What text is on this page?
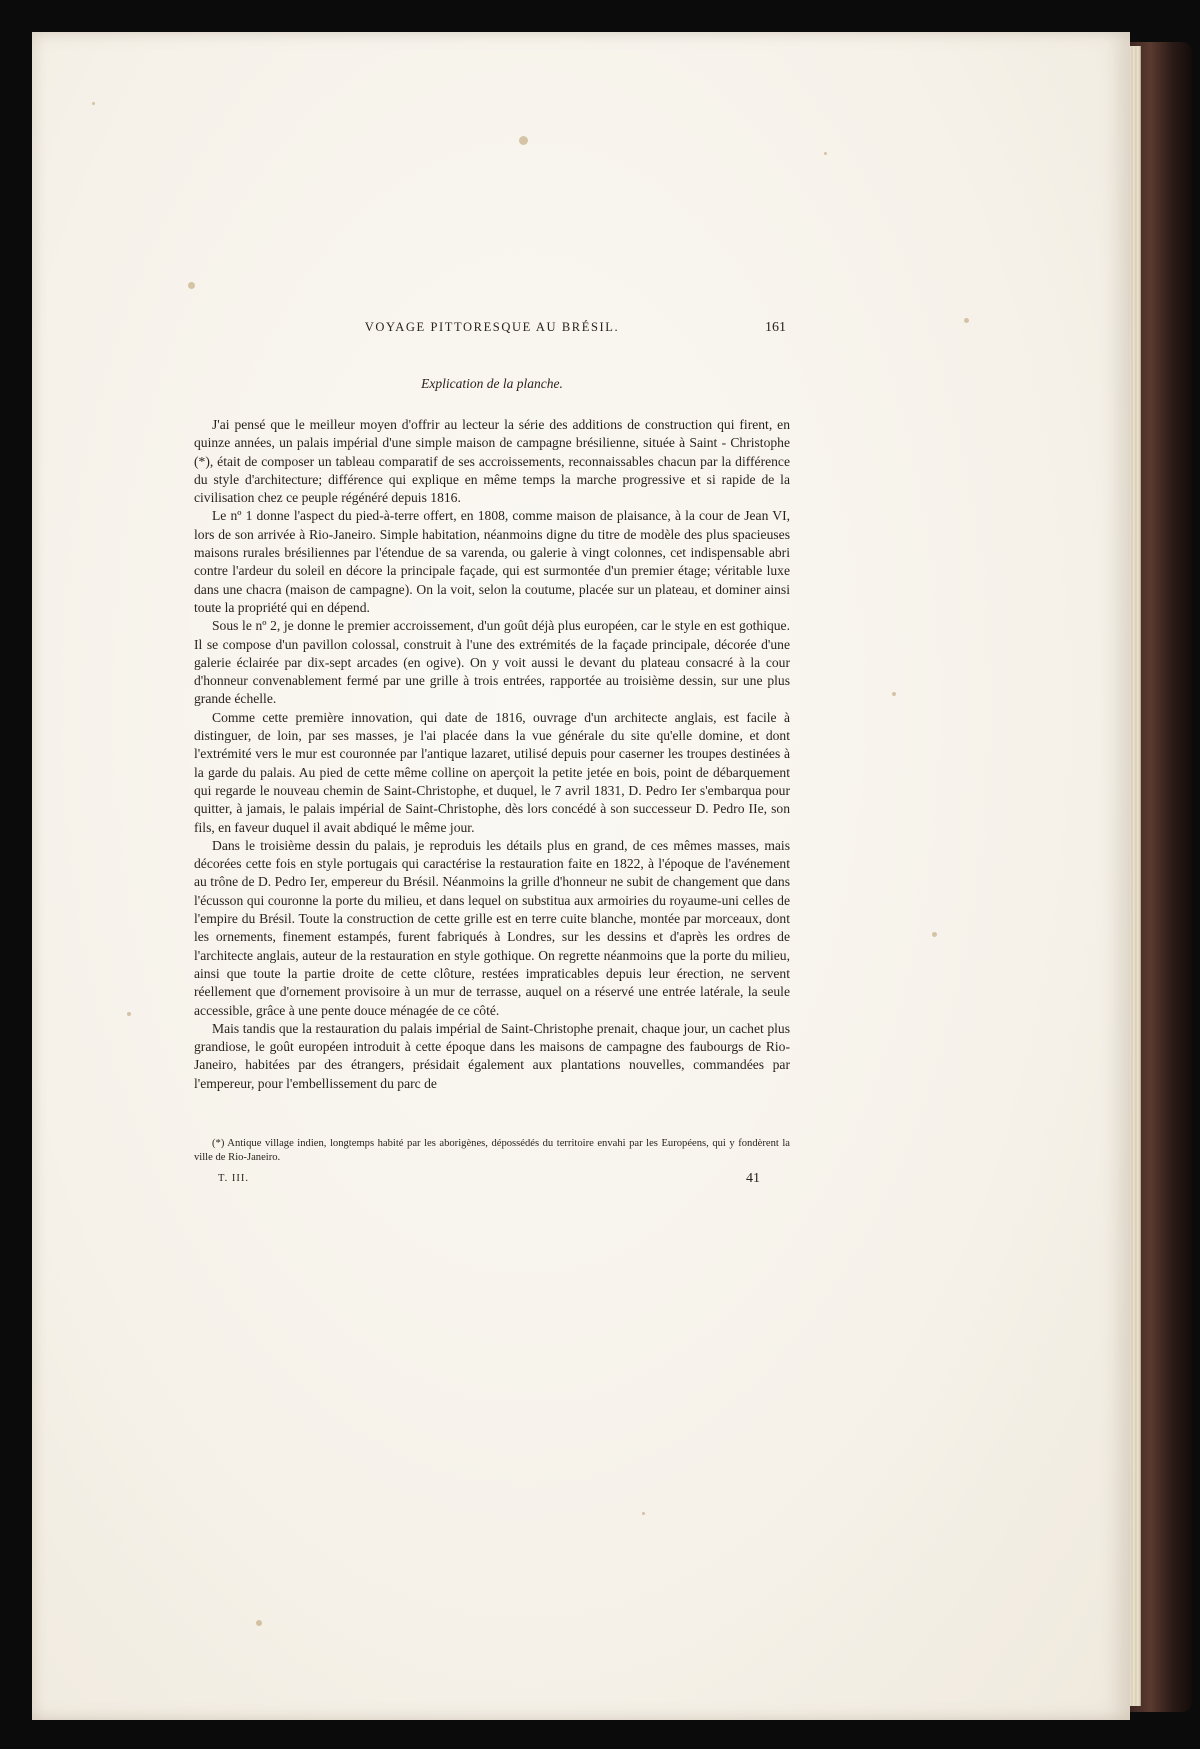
VOYAGE PITTORESQUE AU BRÉSIL.	161
Explication de la planche.

J'ai pensé que le meilleur moyen d'offrir au lecteur la série des additions de construction qui firent, en quinze années, un palais impérial d'une simple maison de campagne brésilienne, située à Saint - Christophe (*), était de composer un tableau comparatif de ses accroissements, reconnaissables chacun par la différence du style d'architecture; différence qui explique en même temps la marche progressive et si rapide de la civilisation chez ce peuple régénéré depuis 1816.

Le nº 1 donne l'aspect du pied-à-terre offert, en 1808, comme maison de plaisance, à la cour de Jean VI, lors de son arrivée à Rio-Janeiro. Simple habitation, néanmoins digne du titre de modèle des plus spacieuses maisons rurales brésiliennes par l'étendue de sa varenda, ou galerie à vingt colonnes, cet indispensable abri contre l'ardeur du soleil en décore la principale façade, qui est surmontée d'un premier étage; véritable luxe dans une chacra (maison de campagne). On la voit, selon la coutume, placée sur un plateau, et dominer ainsi toute la propriété qui en dépend.

Sous le nº 2, je donne le premier accroissement, d'un goût déjà plus européen, car le style en est gothique. Il se compose d'un pavillon colossal, construit à l'une des extrémités de la façade principale, décorée d'une galerie éclairée par dix-sept arcades (en ogive). On y voit aussi le devant du plateau consacré à la cour d'honneur convenablement fermé par une grille à trois entrées, rapportée au troisième dessin, sur une plus grande échelle.

Comme cette première innovation, qui date de 1816, ouvrage d'un architecte anglais, est facile à distinguer, de loin, par ses masses, je l'ai placée dans la vue générale du site qu'elle domine, et dont l'extrémité vers le mur est couronnée par l'antique lazaret, utilisé depuis pour caserner les troupes destinées à la garde du palais. Au pied de cette même colline on aperçoit la petite jetée en bois, point de débarquement qui regarde le nouveau chemin de Saint-Christophe, et duquel, le 7 avril 1831, D. Pedro Ier s'embarqua pour quitter, à jamais, le palais impérial de Saint-Christophe, dès lors concédé à son successeur D. Pedro IIe, son fils, en faveur duquel il avait abdiqué le même jour.

Dans le troisième dessin du palais, je reproduis les détails plus en grand, de ces mêmes masses, mais décorées cette fois en style portugais qui caractérise la restauration faite en 1822, à l'époque de l'avénement au trône de D. Pedro Ier, empereur du Brésil. Néanmoins la grille d'honneur ne subit de changement que dans l'écusson qui couronne la porte du milieu, et dans lequel on substitua aux armoiries du royaume-uni celles de l'empire du Brésil. Toute la construction de cette grille est en terre cuite blanche, montée par morceaux, dont les ornements, finement estampés, furent fabriqués à Londres, sur les dessins et d'après les ordres de l'architecte anglais, auteur de la restauration en style gothique. On regrette néanmoins que la porte du milieu, ainsi que toute la partie droite de cette clôture, restées impraticables depuis leur érection, ne servent réellement que d'ornement provisoire à un mur de terrasse, auquel on a réservé une entrée latérale, la seule accessible, grâce à une pente douce ménagée de ce côté.

Mais tandis que la restauration du palais impérial de Saint-Christophe prenait, chaque jour, un cachet plus grandiose, le goût européen introduit à cette époque dans les maisons de campagne des faubourgs de Rio-Janeiro, habitées par des étrangers, présidait également aux plantations nouvelles, commandées par l'empereur, pour l'embellissement du parc de

(*) Antique village indien, longtemps habité par les aborigènes, dépossédés du territoire envahi par les Européens, qui y fondèrent la ville de Rio-Janeiro.
T. III.	41
